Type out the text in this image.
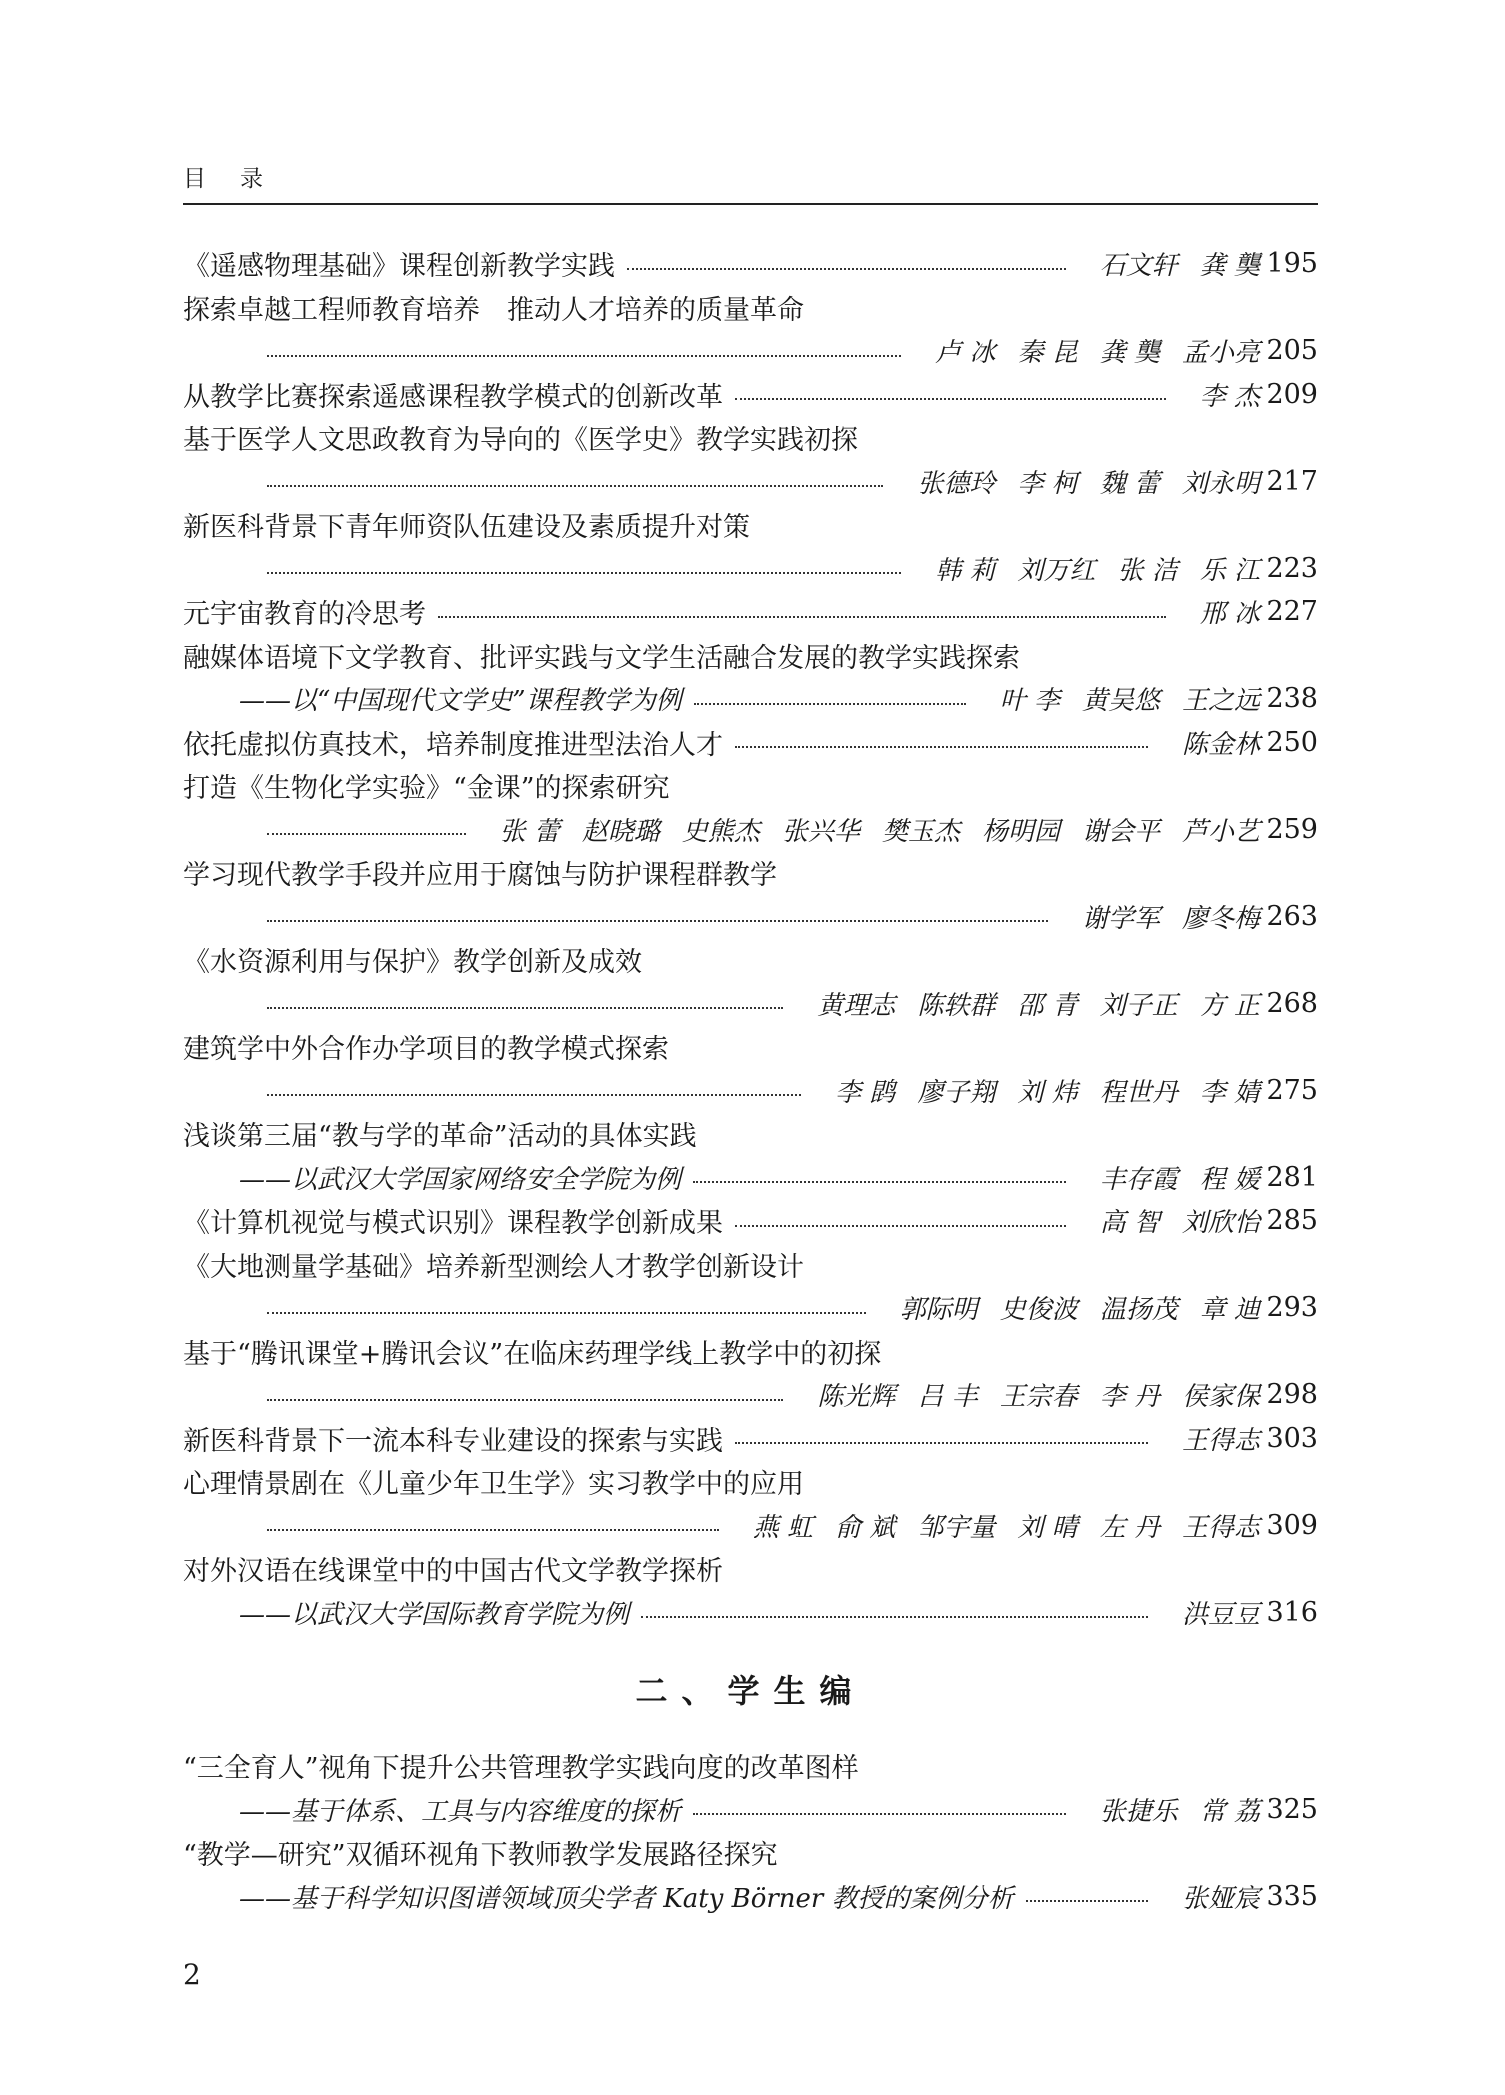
目录
《遥感物理基础》课程创新教学实践	石文轩 龚 龑 195
探索卓越工程师教育培养　推动人才培养的质量革命
卢 冰 秦 昆 龚 龑 孟小亮 205
从教学比赛探索遥感课程教学模式的创新改革	李 杰 209
基于医学人文思政教育为导向的《医学史》教学实践初探
张德玲 李 柯 魏 蕾 刘永明 217
新医科背景下青年师资队伍建设及素质提升对策
韩 莉 刘万红 张 洁 乐 江 223
元宇宙教育的冷思考	邢 冰 227
融媒体语境下文学教育、批评实践与文学生活融合发展的教学实践探索
——以“中国现代文学史”课程教学为例	叶 李 黄吴悠 王之远 238
依托虚拟仿真技术，培养制度推进型法治人才	陈金林 250
打造《生物化学实验》“金课”的探索研究
张 蕾 赵晓璐 史熊杰 张兴华 樊玉杰 杨明园 谢会平 芦小艺 259
学习现代教学手段并应用于腐蚀与防护课程群教学
谢学军 廖冬梅 263
《水资源利用与保护》教学创新及成效
黄理志 陈轶群 邵 青 刘子正 方 正 268
建筑学中外合作办学项目的教学模式探索
李 鹍 廖子翔 刘 炜 程世丹 李 婧 275
浅谈第三届“教与学的革命”活动的具体实践
——以武汉大学国家网络安全学院为例	丰存霞 程 媛 281
《计算机视觉与模式识别》课程教学创新成果	高 智 刘欣怡 285
《大地测量学基础》培养新型测绘人才教学创新设计
郭际明 史俊波 温扬茂 章 迪 293
基于“腾讯课堂+腾讯会议”在临床药理学线上教学中的初探
陈光辉 吕 丰 王宗春 李 丹 侯家保 298
新医科背景下一流本科专业建设的探索与实践	王得志 303
心理情景剧在《儿童少年卫生学》实习教学中的应用
燕 虹 俞 斌 邹宇量 刘 晴 左 丹 王得志 309
对外汉语在线课堂中的中国古代文学教学探析
——以武汉大学国际教育学院为例	洪豆豆 316
二、学生编
“三全育人”视角下提升公共管理教学实践向度的改革图样
——基于体系、工具与内容维度的探析	张捷乐 常 荔 325
“教学—研究”双循环视角下教师教学发展路径探究
——基于科学知识图谱领域顶尖学者 Katy Börner 教授的案例分析	张娅宸 335
2
